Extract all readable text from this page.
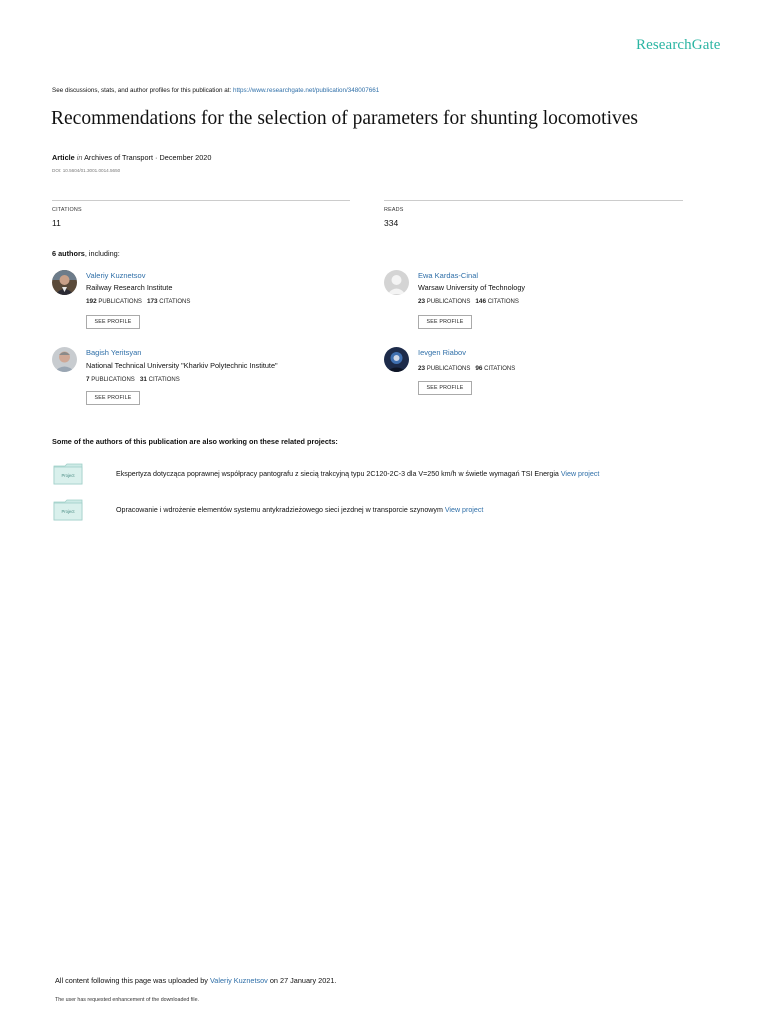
ResearchGate
See discussions, stats, and author profiles for this publication at: https://www.researchgate.net/publication/348007661
Recommendations for the selection of parameters for shunting locomotives
Article in Archives of Transport · December 2020
DOI: 10.5604/01.3001.0014.5650
CITATIONS
11
READS
334
6 authors, including:
Valeriy Kuznetsov
Railway Research Institute
192 PUBLICATIONS 173 CITATIONS
SEE PROFILE
Ewa Kardas-Cinal
Warsaw University of Technology
23 PUBLICATIONS 146 CITATIONS
SEE PROFILE
Bagish Yeritsyan
National Technical University "Kharkiv Polytechnic Institute"
7 PUBLICATIONS 31 CITATIONS
SEE PROFILE
Ievgen Riabov
23 PUBLICATIONS 96 CITATIONS
SEE PROFILE
Some of the authors of this publication are also working on these related projects:
Project	Ekspertyza dotycząca poprawnej współpracy pantografu z siecią trakcyjną typu 2C120-2C-3 dla V=250 km/h w świetle wymagań TSI Energia View project
Project	Opracowanie i wdrożenie elementów systemu antykradzieżowego sieci jezdnej w transporcie szynowym View project
All content following this page was uploaded by Valeriy Kuznetsov on 27 January 2021.
The user has requested enhancement of the downloaded file.
